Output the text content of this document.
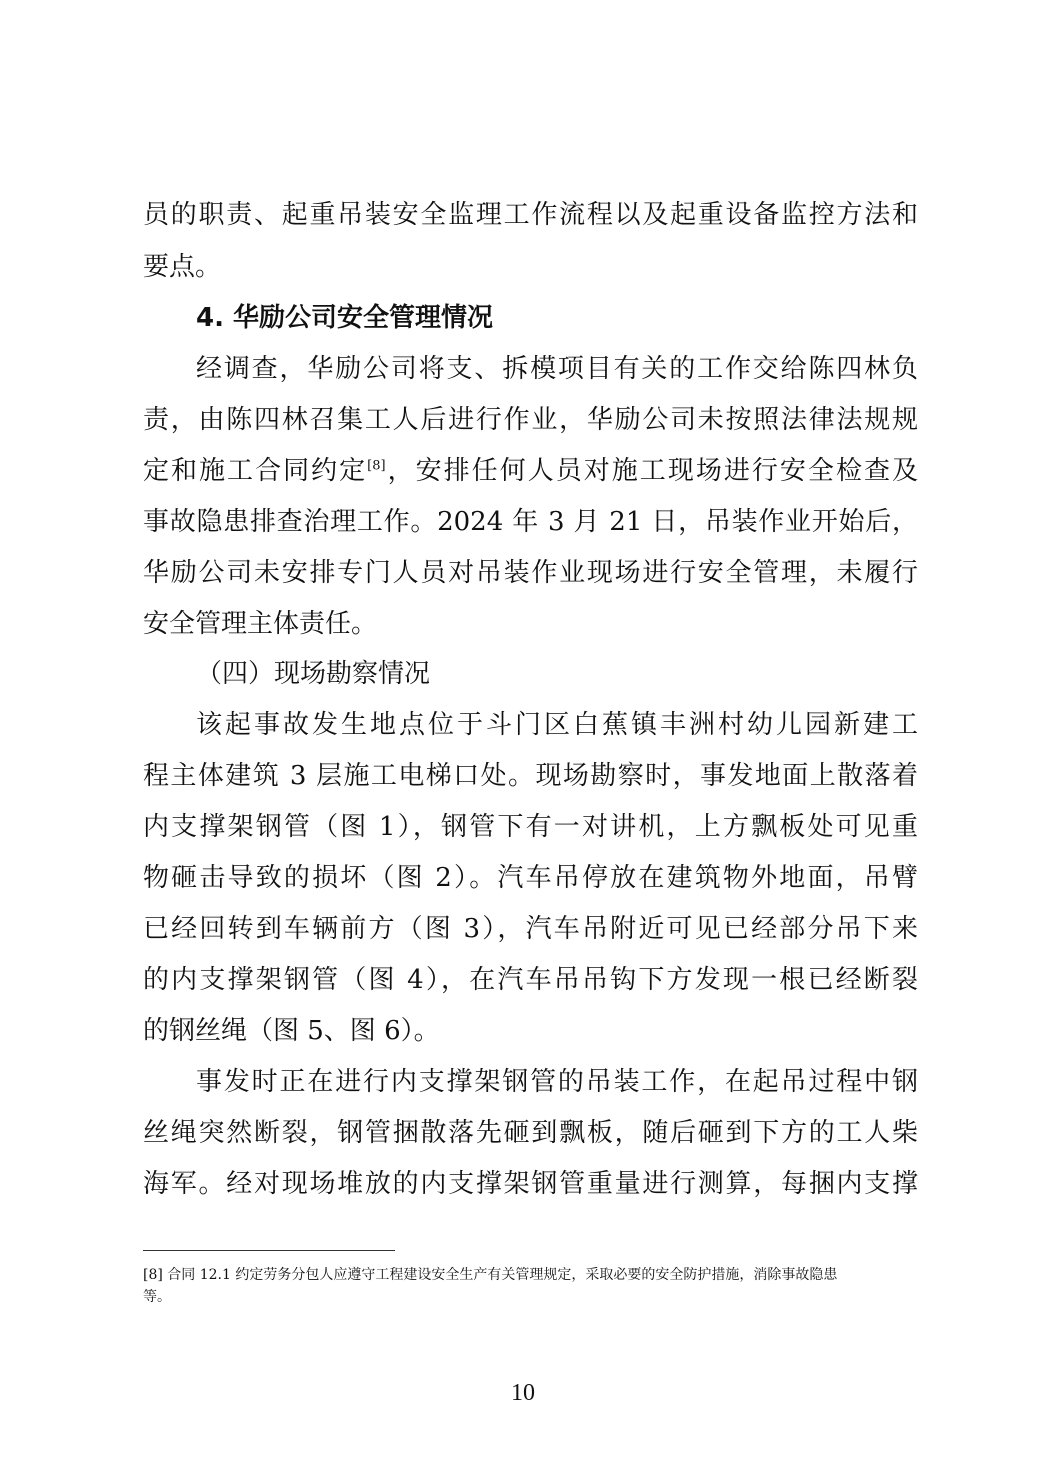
员的职责、起重吊装安全监理工作流程以及起重设备监控方法和
要点。
4. 华励公司安全管理情况
经调查，华励公司将支、拆模项目有关的工作交给陈四林负
责，由陈四林召集工人后进行作业，华励公司未按照法律法规规
定和施工合同约定[8]，安排任何人员对施工现场进行安全检查及
事故隐患排查治理工作。2024 年 3 月 21 日，吊装作业开始后，
华励公司未安排专门人员对吊装作业现场进行安全管理，未履行
安全管理主体责任。
（四）现场勘察情况
该起事故发生地点位于斗门区白蕉镇丰洲村幼儿园新建工
程主体建筑 3 层施工电梯口处。现场勘察时，事发地面上散落着
内支撑架钢管（图 1），钢管下有一对讲机，上方飘板处可见重
物砸击导致的损坏（图 2）。汽车吊停放在建筑物外地面，吊臂
已经回转到车辆前方（图 3），汽车吊附近可见已经部分吊下来
的内支撑架钢管（图 4），在汽车吊吊钩下方发现一根已经断裂
的钢丝绳（图 5、图 6）。
事发时正在进行内支撑架钢管的吊装工作，在起吊过程中钢
丝绳突然断裂，钢管捆散落先砸到飘板，随后砸到下方的工人柴
海军。经对现场堆放的内支撑架钢管重量进行测算，每捆内支撑
[8] 合同 12.1 约定劳务分包人应遵守工程建设安全生产有关管理规定，采取必要的安全防护措施，消除事故隐患
等。
10
